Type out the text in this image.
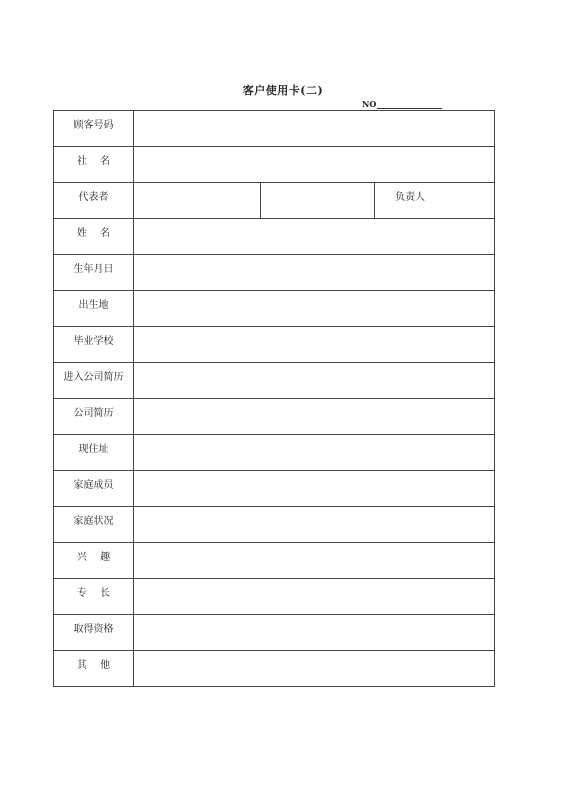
客户使用卡(二)
NO
顾客号码			
社 名			
代表者			负责人
姓 名			
生年月日			
出生地			
毕业学校			
进入公司简历			
公司简历			
现住址			
家庭成员			
家庭状况			
兴 趣			
专 长			
取得资格			
其 他			
